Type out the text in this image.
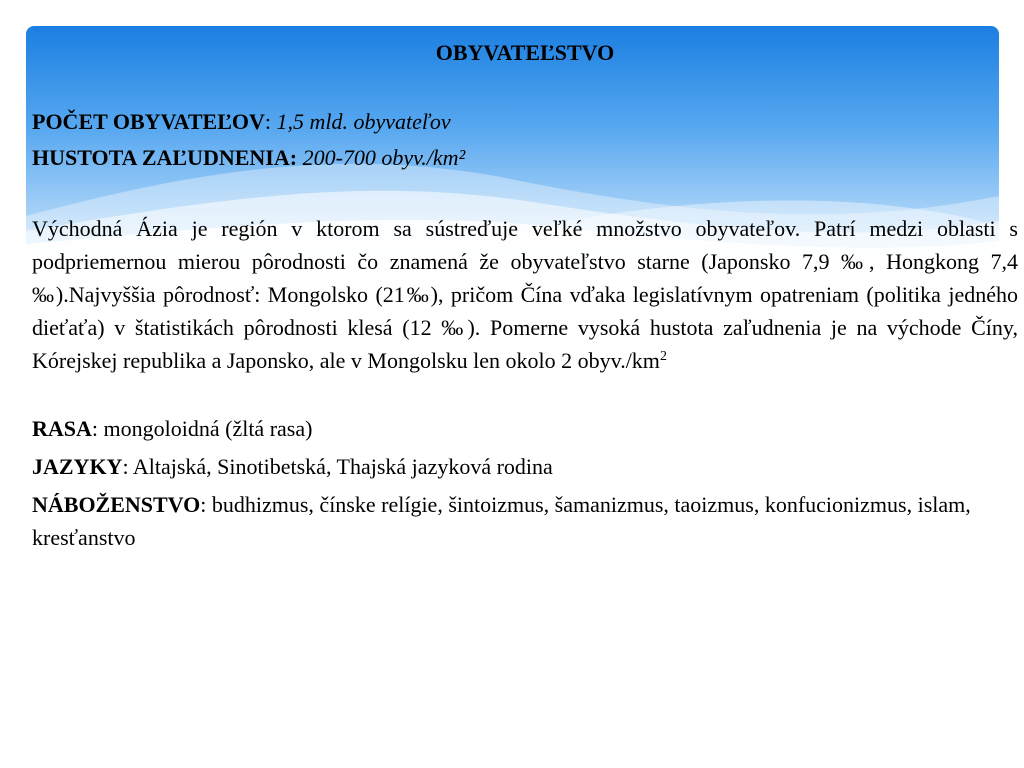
OBYVATEĽSTVO

POČET OBYVATEĽOV: 1,5 mld. obyvateľov

HUSTOTA ZAĽUDNENIA: 200-700 obyv./km²

Východná Ázia je región v ktorom sa sústreďuje veľké množstvo obyvateľov. Patrí medzi oblasti s podpriemernou mierou pôrodnosti čo znamená že obyvateľstvo starne (Japonsko 7,9 ‰, Hongkong 7,4 ‰).Najvyššia pôrodnosť: Mongolsko (21‰), pričom Čína vďaka legislatívnym opatreniam (politika jedného dieťaťa) v štatistikách pôrodnosti klesá (12 ‰). Pomerne vysoká hustota zaľudnenia je na východe Číny, Kórejskej republika a Japonsko, ale v Mongolsku len okolo 2 $obyv./km^2$

RASA: mongoloidná (žltá rasa)

JAZYKY: Altajská, Sinotibetská, Thajská jazyková rodina

NÁBOŽENSTVO: budhizmus, čínske relígie, šintoizmus, šamanizmus, taoizmus, konfucionizmus, islam, kresťanstvo
